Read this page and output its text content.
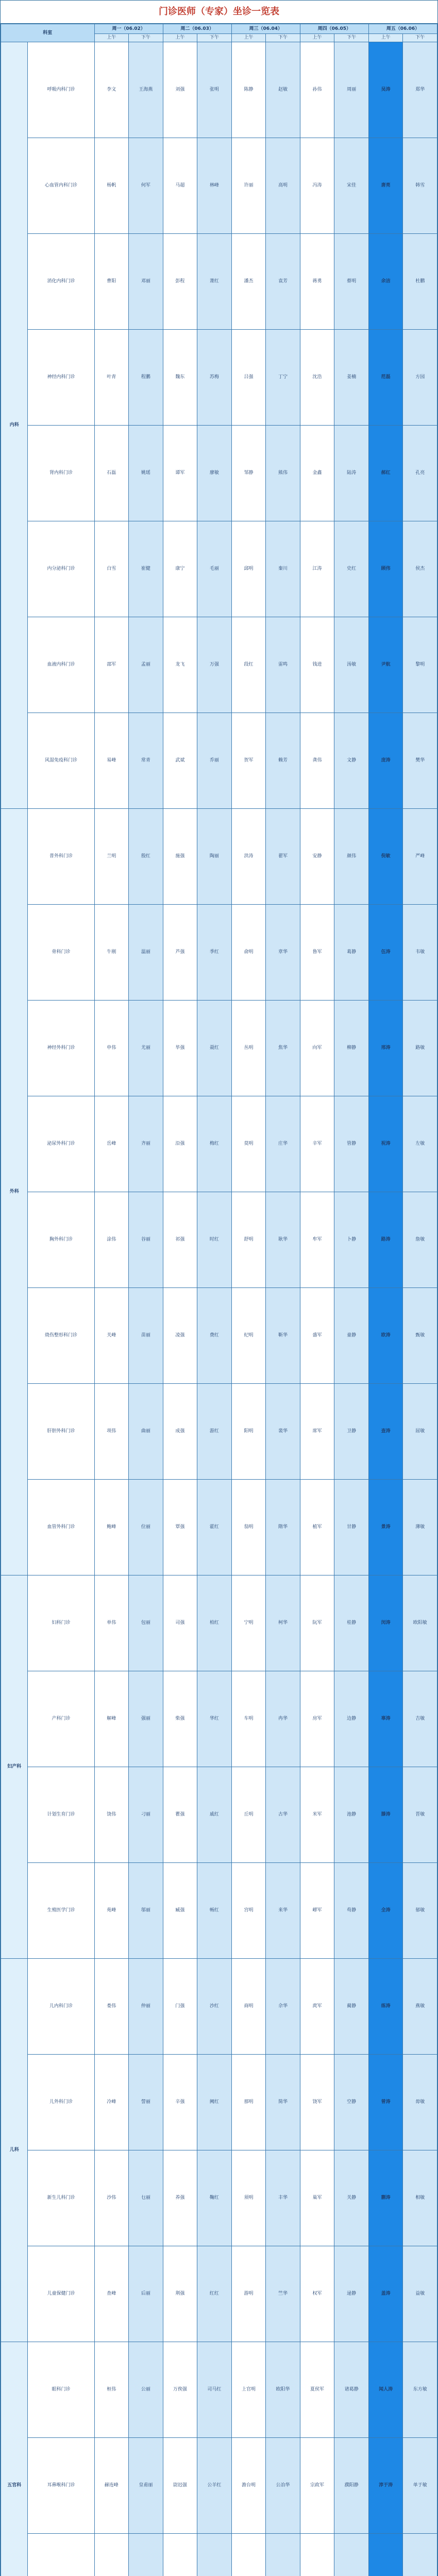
门诊医师（专家）坐诊一览表
科室		周一（06.02）		周二（06.03）		周三（06.04）		周四（06.05）		周五（06.06）	
		上午	下午	上午	下午	上午	下午	上午	下午	上午	下午
内科	呼吸内科门诊	李文	王海燕	刘强	张明	陈静	赵敏	孙伟	周丽	吴涛	郑华
	心血管内科门诊	杨帆	何军	马超	林峰	许丽	高明	冯涛	宋佳	唐亮	韩雪
	消化内科门诊	曹阳	邓丽	彭程	萧红	潘杰	袁芳	蒋勇	蔡明	余洁	杜鹏
	神经内科门诊	叶青	程鹏	魏东	苏梅	吕强	丁宁	沈浩	姜楠	范磊	方园
	肾内科门诊	石磊	姚瑶	谭军	廖敏	邹静	熊伟	金鑫	陆涛	郝红	孔亮
	内分泌科门诊	白雪	崔健	康宁	毛丽	邱明	秦川	江涛	史红	顾伟	侯杰
	血液内科门诊	邵军	孟丽	龙飞	万强	段红	雷鸣	钱进	汤敏	尹航	黎明
	风湿免疫科门诊	易峰	常青	武斌	乔丽	贺军	赖芳	龚伟	文静	庞涛	樊华
外科	普外科门诊	兰明	殷红	施强	陶丽	洪涛	翟军	安静	颜伟	倪敏	严峰
	骨科门诊	牛刚	温丽	芦强	季红	俞明	章华	鲁军	葛静	伍涛	韦敏
	神经外科门诊	申伟	尤丽	毕强	聂红	丛明	焦华	向军	柳静	邢涛	路敏
	泌尿外科门诊	岳峰	齐丽	沿强	梅红	莫明	庄华	辛军	管静	祝涛	左敏
	胸外科门诊	涂伟	谷丽	祁强	时红	舒明	耿华	牟军	卜静	路涛	詹敏
	烧伤整形科门诊	关峰	苗丽	凌强	费红	纪明	靳华	盛军	童静	欧涛	甄敏
	肝胆外科门诊	项伟	曲丽	成强	游红	阳明	裴华	席军	卫静	查涛	屈敏
	血管外科门诊	鲍峰	位丽	覃强	霍红	翁明	隋华	植军	甘静	景涛	薄敏
妇产科	妇科门诊	单伟	包丽	司强	柏红	宁明	柯华	阮军	桂静	闵涛	欧阳敏
	产科门诊	解峰	强丽	柴强	华红	车明	冉华	房军	边静	辜涛	吉敏
	计划生育门诊	饶伟	刁丽	瞿强	戚红	丘明	古华	米军	池静	滕涛	晋敏
	生殖医学门诊	苑峰	邬丽	臧强	畅红	宫明	来华	嵺军	苟静	全涛	郁敏
儿科	儿内科门诊	娄伟	仲丽	门强	沙红	商明	佘华	庹军	蔺静	练涛	燕敏
	儿外科门诊	冷峰	訾丽	辛强	阙红	那明	简华	饶军	空静	曾涛	毋敏
	新生儿科门诊	沙伟	乜丽	养强	鞠红	须明	丰华	巢军	关静	蒯涛	相敏
	儿童保健门诊	查峰	后丽	荆强	红红	游明	竺华	权军	逯静	盖涛	益敏
五官科	眼科门诊	桓伟	公丽	万俟强	司马红	上官明	欧阳华	夏侯军	诸葛静	闻人涛	东方敏
	耳鼻喉科门诊	赫连峰	皇甫丽	尉迟强	公羊红	澹台明	公冶华	宗政军	濮阳静	淳于涛	单于敏
